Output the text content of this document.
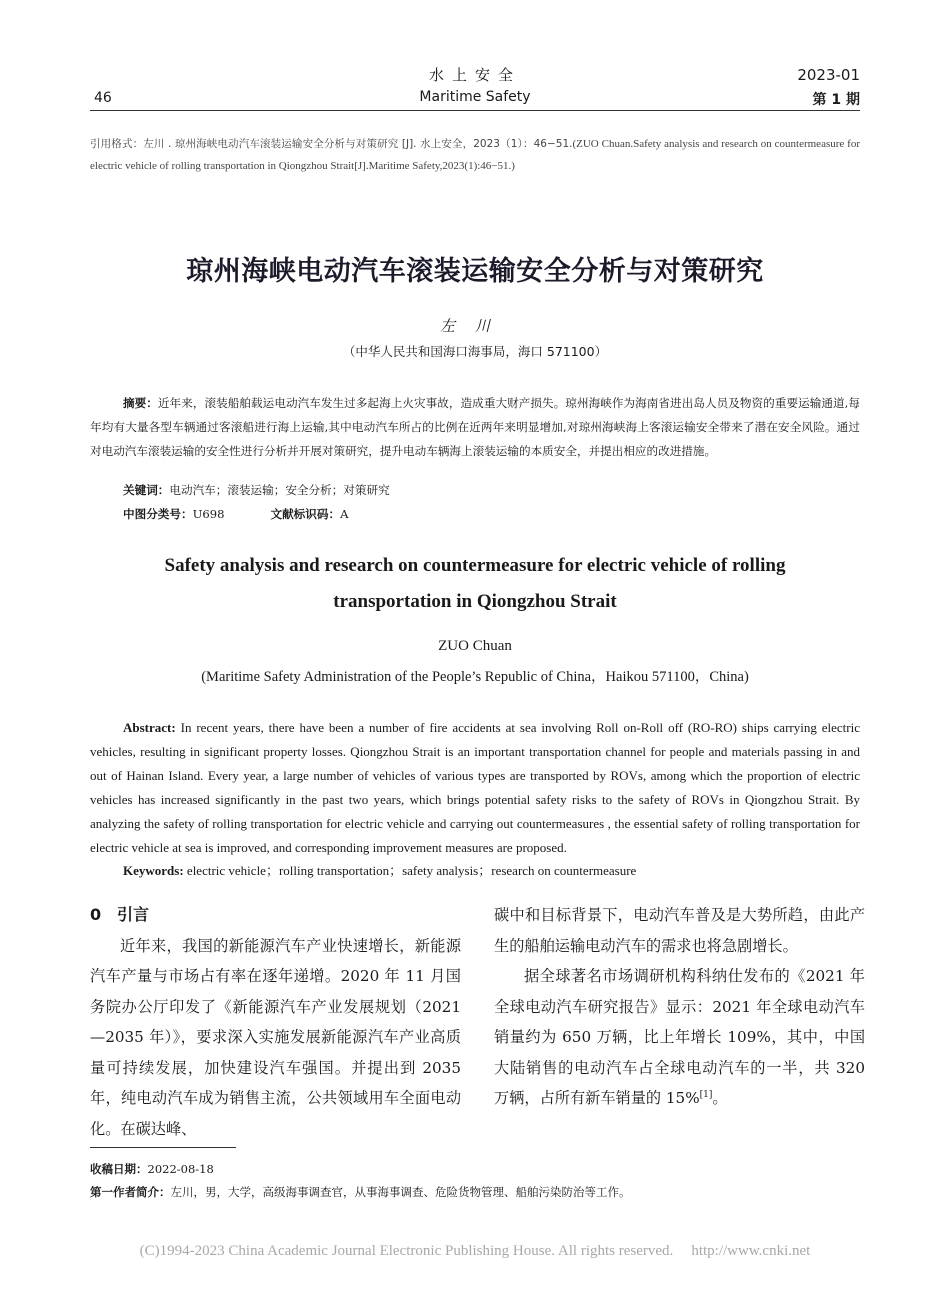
水上安全
Maritime Safety
46
2023-01
第 1 期
引用格式：左川 . 琼州海峡电动汽车滚装运输安全分析与对策研究 [J]. 水上安全，2023（1）：46−51.(ZUO Chuan.Safety analysis and research on countermeasure for electric vehicle of rolling transportation in Qiongzhou Strait[J].Maritime Safety,2023(1):46−51.)
琼州海峡电动汽车滚装运输安全分析与对策研究
左川
（中华人民共和国海口海事局，海口 571100）
摘要：近年来，滚装船舶载运电动汽车发生过多起海上火灾事故，造成重大财产损失。琼州海峡作为海南省进出岛人员及物资的重要运输通道,每年均有大量各型车辆通过客滚船进行海上运输,其中电动汽车所占的比例在近两年来明显增加,对琼州海峡海上客滚运输安全带来了潜在安全风险。通过对电动汽车滚装运输的安全性进行分析并开展对策研究，提升电动车辆海上滚装运输的本质安全，并提出相应的改进措施。
关键词：电动汽车；滚装运输；安全分析；对策研究
中图分类号：U698	文献标识码：A
Safety analysis and research on countermeasure for electric vehicle of rolling
transportation in Qiongzhou Strait
ZUO Chuan
(Maritime Safety Administration of the People’s Republic of China，Haikou 571100，China)
Abstract: In recent years, there have been a number of fire accidents at sea involving Roll on-Roll off (RO-RO) ships carrying electric vehicles, resulting in significant property losses. Qiongzhou Strait is an important transportation channel for people and materials passing in and out of Hainan Island. Every year, a large number of vehicles of various types are transported by ROVs, among which the proportion of electric vehicles has increased significantly in the past two years, which brings potential safety risks to the safety of ROVs in Qiongzhou Strait. By analyzing the safety of rolling transportation for electric vehicle and carrying out countermeasures , the essential safety of rolling transportation for electric vehicle at sea is improved, and corresponding improvement measures are proposed.
Keywords: electric vehicle；rolling transportation；safety analysis；research on countermeasure
0 引言

近年来，我国的新能源汽车产业快速增长，新能源汽车产量与市场占有率在逐年递增。2020 年 11 月国务院办公厅印发了《新能源汽车产业发展规划（2021—2035 年）》，要求深入实施发展新能源汽车产业高质量可持续发展，加快建设汽车强国。并提出到 2035 年，纯电动汽车成为销售主流，公共领域用车全面电动化。在碳达峰、

碳中和目标背景下，电动汽车普及是大势所趋，由此产生的船舶运输电动汽车的需求也将急剧增长。

据全球著名市场调研机构科纳仕发布的《2021 年全球电动汽车研究报告》显示：2021 年全球电动汽车销量约为 650 万辆，比上年增长 109%，其中，中国大陆销售的电动汽车占全球电动汽车的一半，共 320 万辆，占所有新车销量的 15%[1]。

收稿日期：2022-08-18
第一作者简介：左川，男，大学，高级海事调查官，从事海事调查、危险货物管理、船舶污染防治等工作。
(C)1994-2023 China Academic Journal Electronic Publishing House. All rights reserved. http://www.cnki.net
